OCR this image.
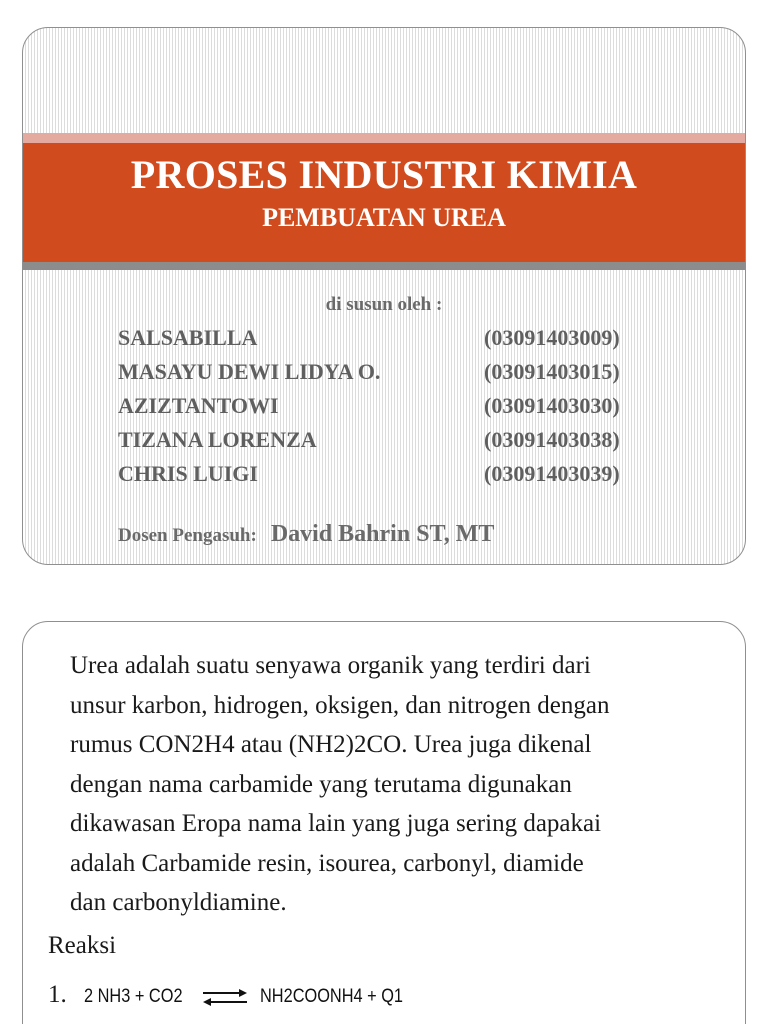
PROSES INDUSTRI KIMIA
PEMBUATAN UREA
di susun oleh :
SALSABILLA	(03091403009)
MASAYU DEWI LIDYA O.	(03091403015)
AZIZTANTOWI	(03091403030)
TIZANA LORENZA	(03091403038)
CHRIS LUIGI	(03091403039)
Dosen Pengasuh: David Bahrin ST, MT

Urea adalah suatu senyawa organik yang terdiri dari

unsur karbon, hidrogen, oksigen, dan nitrogen dengan

rumus CON2H4 atau (NH2)2CO. Urea juga dikenal

dengan nama carbamide yang terutama digunakan

dikawasan Eropa nama lain yang juga sering dapakai

adalah Carbamide resin, isourea, carbonyl, diamide

dan carbonyldiamine.

Reaksi
1. 2 NH3 + CO2 ⇌ NH2COONH4 + Q1
